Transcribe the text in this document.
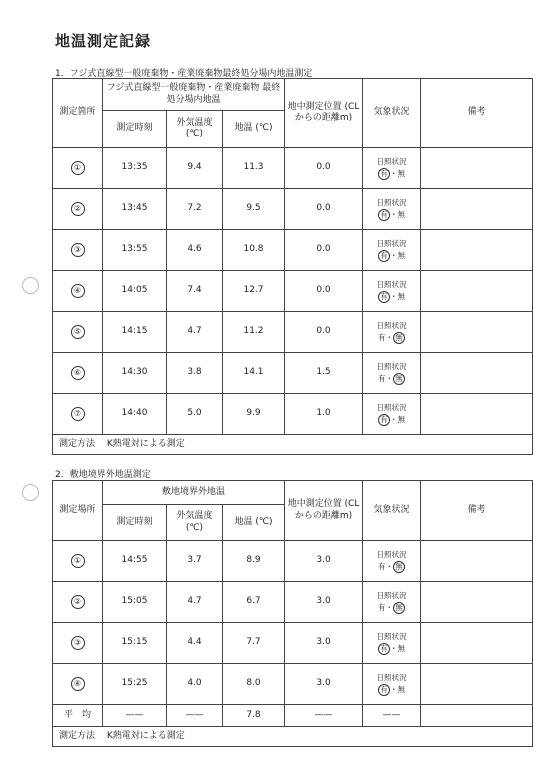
地温測定記録
1．フジ式直線型一般廃棄物・産業廃棄物最終処分場内地温測定
測定箇所	フジ式直線型一般廃棄物・産業廃棄物 最終処分場内地温			地中測定位置 (CLからの距離m)	気象状況	備考
	測定時刻	外気温度 (℃)	地温 (℃)			
①	13:35	9.4	11.3	0.0	日照状況
有 ・無	

②	13:45	7.2	9.5	0.0	日照状況
有 ・無	

③	13:55	4.6	10.8	0.0	日照状況
有 ・無	

④	14:05	7.4	12.7	0.0	日照状況
有 ・無	

⑤	14:15	4.7	11.2	0.0	日照状況
有・ 無	

⑥	14:30	3.8	14.1	1.5	日照状況
有・ 無	

⑦	14:40	5.0	9.9	1.0	日照状況
有 ・無	

測定方法　 K熱電対による測定						
2．敷地境界外地温測定
測定場所	敷地境界外地温			地中測定位置 (CLからの距離m)	気象状況	備考
	測定時刻	外気温度 (℃)	地温 (℃)			
①	14:55	3.7	8.9	3.0	日照状況
有・ 無	

②	15:05	4.7	6.7	3.0	日照状況
有・ 無	

③	15:15	4.4	7.7	3.0	日照状況
有 ・無	

④	15:25	4.0	8.0	3.0	日照状況
有 ・無	

平　均	——	——	7.8	——	——	
測定方法　 K熱電対による測定						
